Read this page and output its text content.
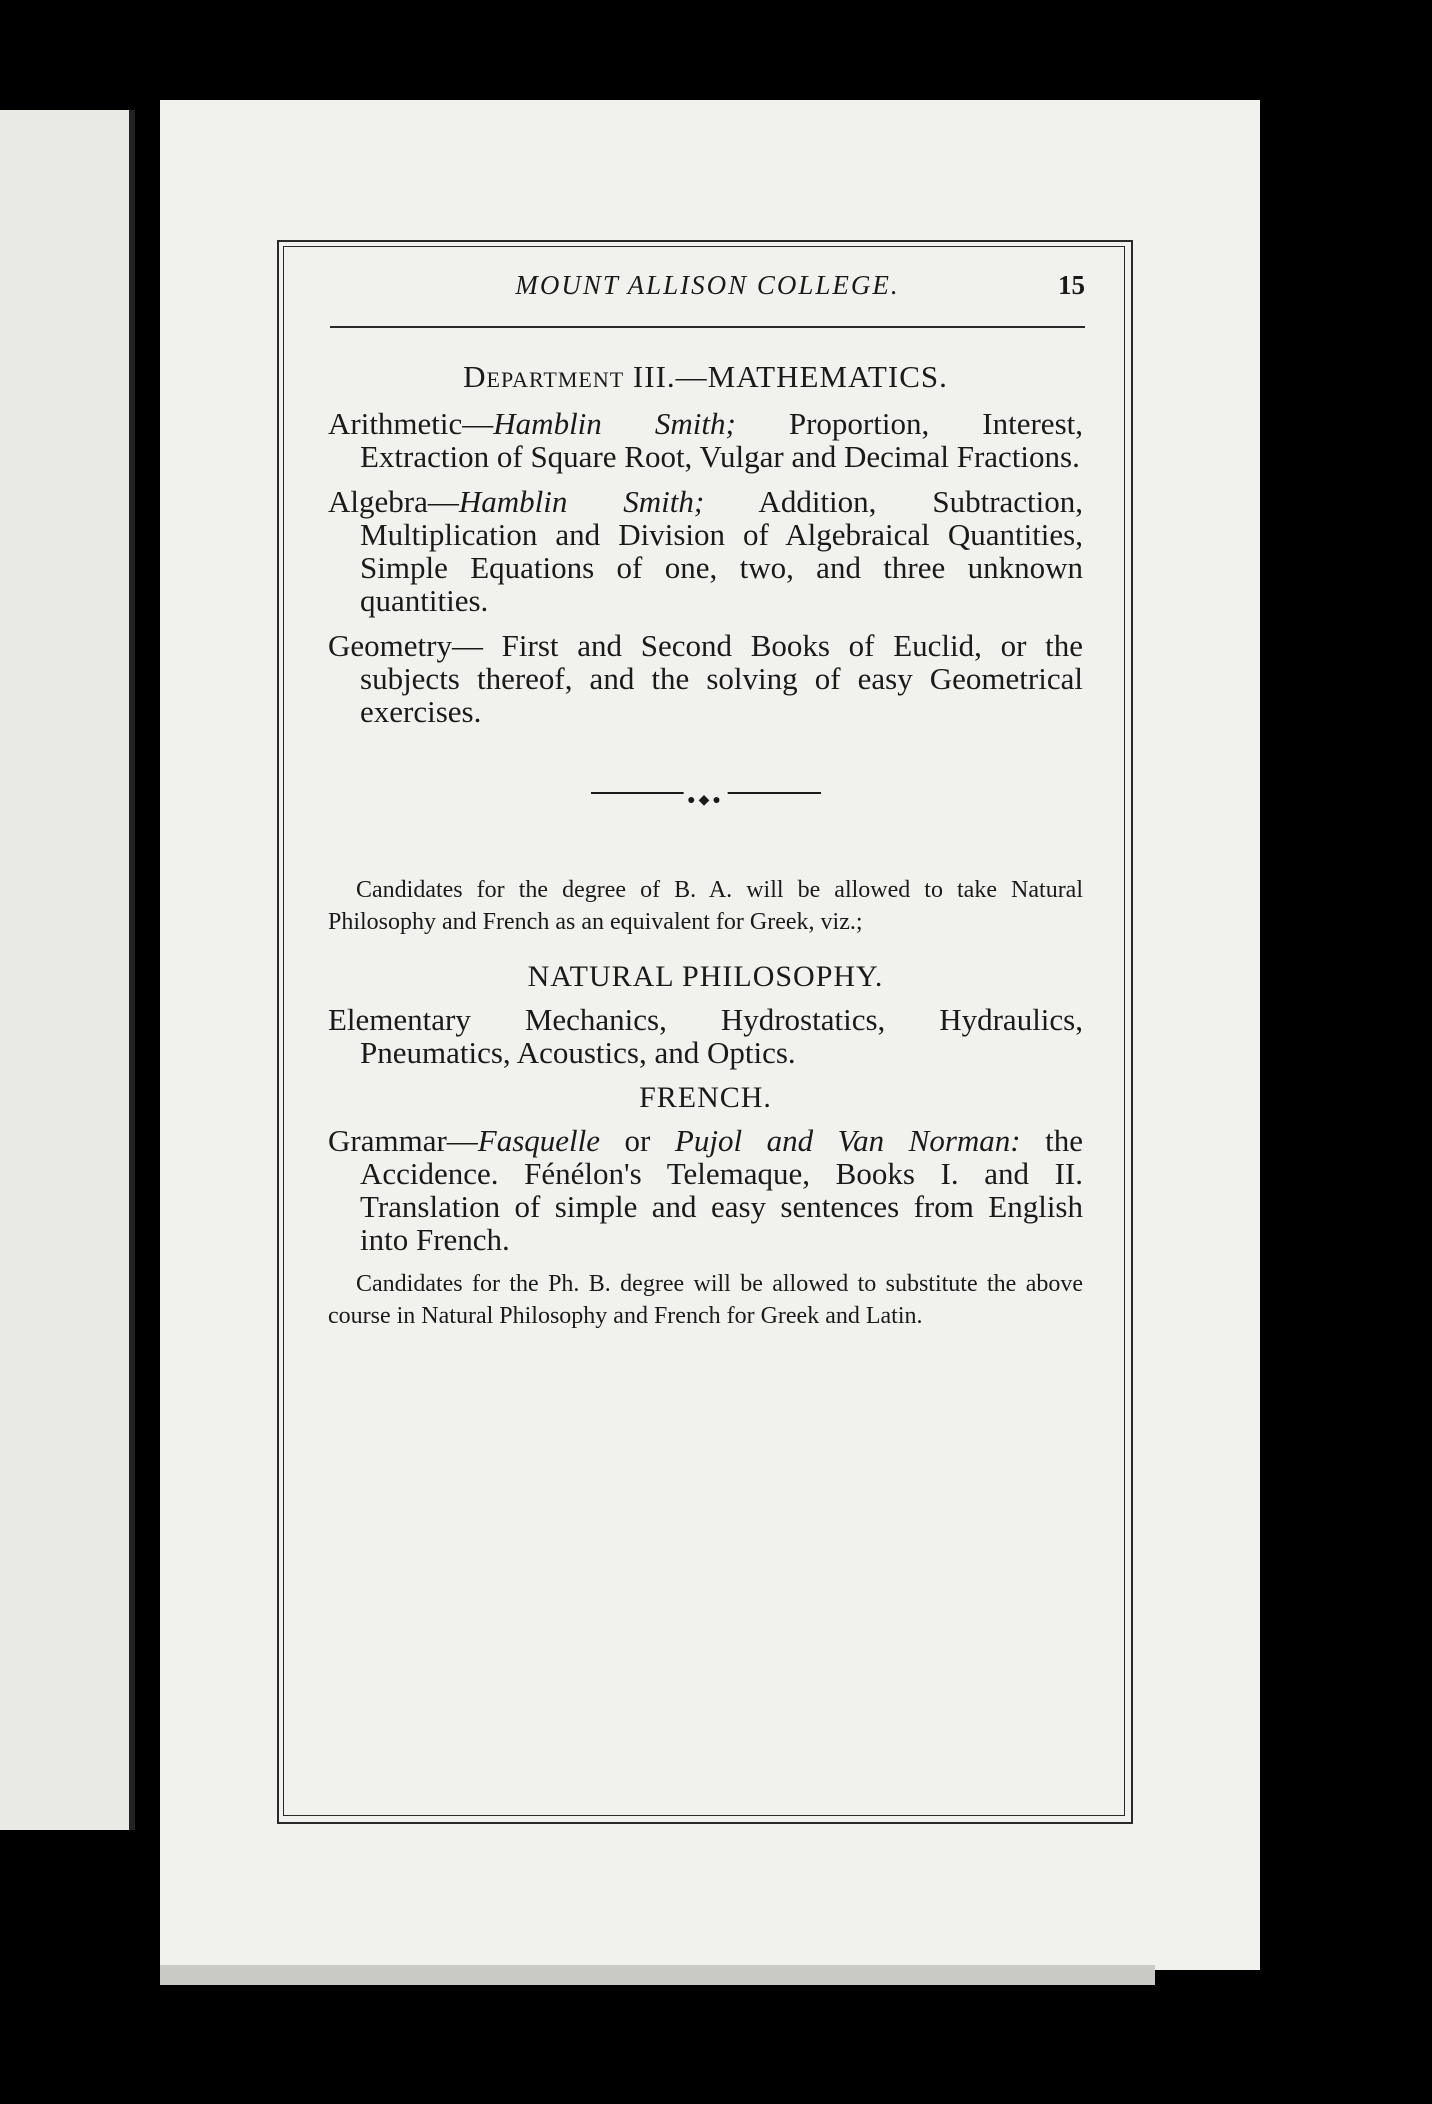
MOUNT ALLISON COLLEGE.	15
Department III.—MATHEMATICS.

Arithmetic—Hamblin Smith; Proportion, Interest, Extraction of Square Root, Vulgar and Decimal Fractions.

Algebra—Hamblin Smith; Addition, Subtraction, Multiplication and Division of Algebraical Quantities, Simple Equations of one, two, and three unknown quantities.

Geometry— First and Second Books of Euclid, or the subjects thereof, and the solving of easy Geometrical exercises.

●◆●

Candidates for the degree of B. A. will be allowed to take Natural Philosophy and French as an equivalent for Greek, viz.;

NATURAL PHILOSOPHY.

Elementary Mechanics, Hydrostatics, Hydraulics, Pneumatics, Acoustics, and Optics.

FRENCH.

Grammar—Fasquelle or Pujol and Van Norman: the Accidence. Fénélon's Telemaque, Books I. and II. Translation of simple and easy sentences from English into French.

Candidates for the Ph. B. degree will be allowed to substitute the above course in Natural Philosophy and French for Greek and Latin.
